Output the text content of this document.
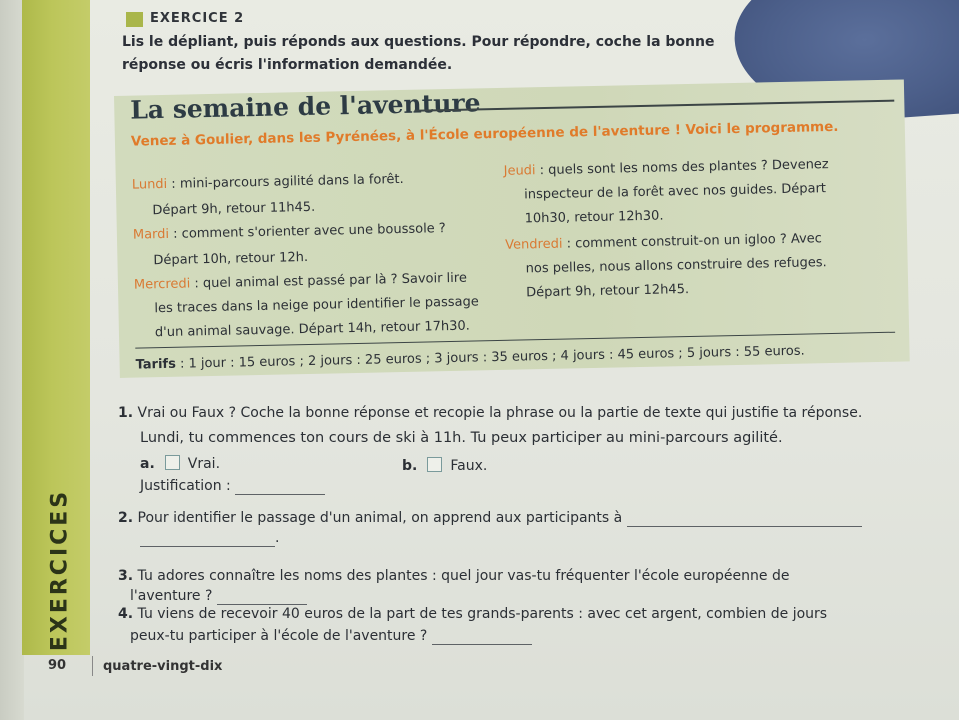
EXERCICES
EXERCICE 2
Lis le dépliant, puis réponds aux questions. Pour répondre, coche la bonne
réponse ou écris l'information demandée.
La semaine de l'aventure
Venez à Goulier, dans les Pyrénées, à l'École européenne de l'aventure ! Voici le programme.
Lundi : mini-parcours agilité dans la forêt.
Départ 9h, retour 11h45.
Mardi : comment s'orienter avec une boussole ?
Départ 10h, retour 12h.
Mercredi : quel animal est passé par là ? Savoir lire
les traces dans la neige pour identifier le passage
d'un animal sauvage. Départ 14h, retour 17h30.
Jeudi : quels sont les noms des plantes ? Devenez
inspecteur de la forêt avec nos guides. Départ
10h30, retour 12h30.
Vendredi : comment construit-on un igloo ? Avec
nos pelles, nous allons construire des refuges.
Départ 9h, retour 12h45.
Tarifs : 1 jour : 15 euros ; 2 jours : 25 euros ; 3 jours : 35 euros ; 4 jours : 45 euros ; 5 jours : 55 euros.
1. Vrai ou Faux ? Coche la bonne réponse et recopie la phrase ou la partie de texte qui justifie ta réponse.
Lundi, tu commences ton cours de ski à 11h. Tu peux participer au mini-parcours agilité.
a. Vrai.	b. Faux.
Justification :
2. Pour identifier le passage d'un animal, on apprend aux participants à
.
3. Tu adores connaître les noms des plantes : quel jour vas-tu fréquenter l'école européenne de
l'aventure ?
4. Tu viens de recevoir 40 euros de la part de tes grands-parents : avec cet argent, combien de jours
peux-tu participer à l'école de l'aventure ?
90	quatre-vingt-dix
